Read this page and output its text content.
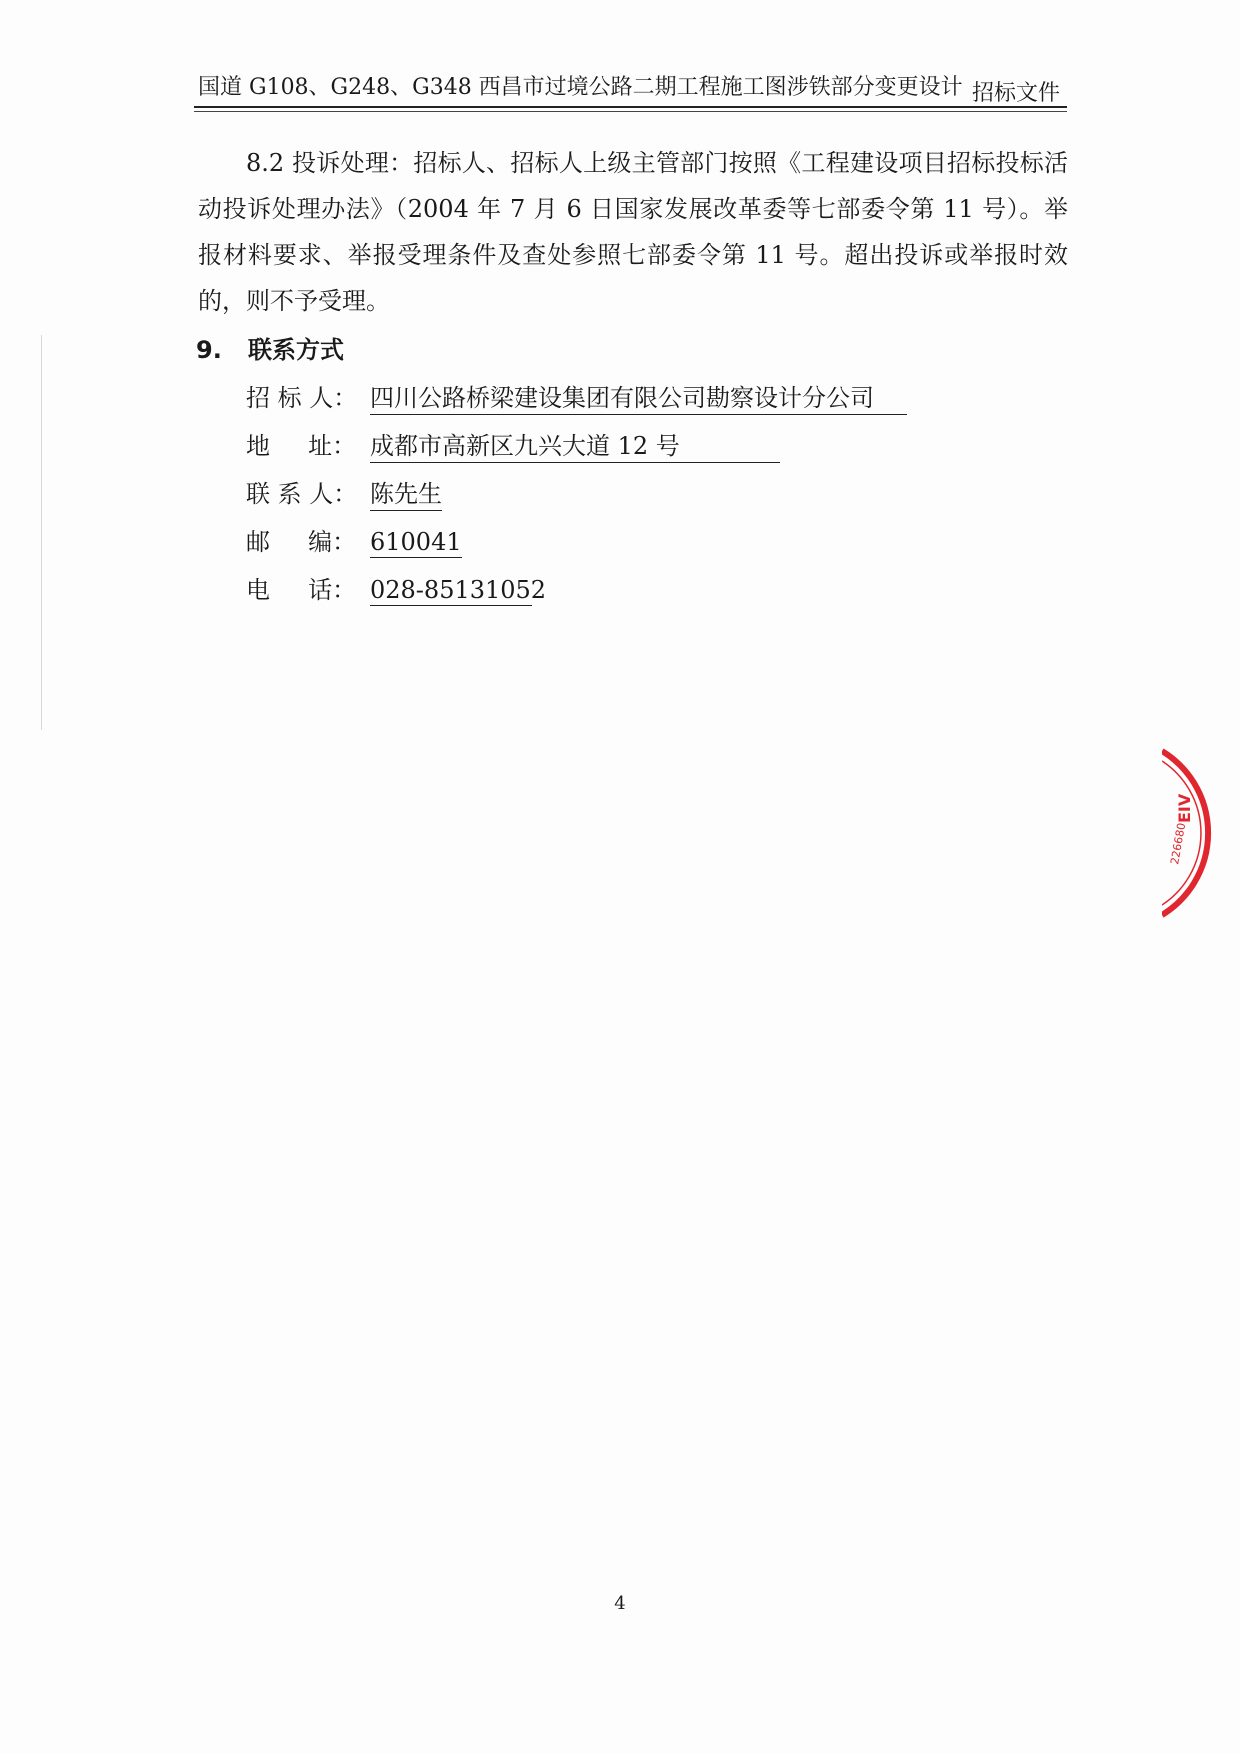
国道 G108、G248、G348 西昌市过境公路二期工程施工图涉铁部分变更设计 招标文件
8.2 投诉处理：招标人、招标人上级主管部门按照《工程建设项目招标投标活动投诉处理办法》（2004 年 7 月 6 日国家发展改革委等七部委令第 11 号）。举报材料要求、举报受理条件及查处参照七部委令第 11 号。超出投诉或举报时效的，则不予受理。
9. 联系方式
招 标 人： 四川公路桥梁建设集团有限公司勘察设计分公司
地     址： 成都市高新区九兴大道 12 号
联 系 人： 陈先生
邮     编： 610041
电     话： 028-85131052
4
226680
EIV
